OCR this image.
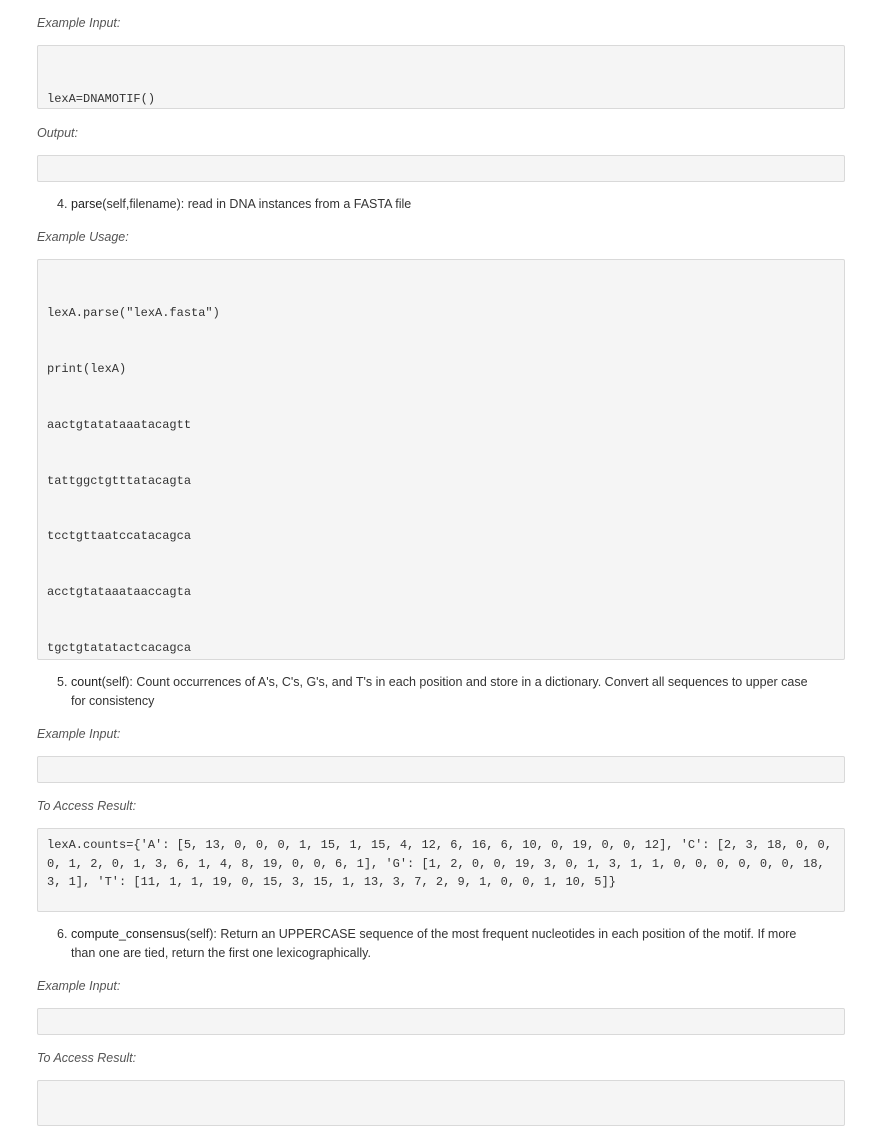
Example Input:

lexA=DNAMOTIF()

Output:

4. parse(self,filename): read in DNA instances from a FASTA file
Example Usage:

lexA.parse("lexA.fasta")

print(lexA)

aactgtatataaatacagtt

tattggctgtttatacagta

tcctgttaatccatacagca

acctgtataaataaccagta

tgctgtatatactcacagca

5. count(self): Count occurrences of A's, C's, G's, and T's in each position and store in a dictionary. Convert all sequences to upper case
for consistency
Example Input:

To Access Result:
lexA.counts={'A': [5, 13, 0, 0, 0, 1, 15, 1, 15, 4, 12, 6, 16, 6, 10, 0, 19, 0, 0, 12], 'C': [2, 3, 18, 0, 0, 0, 1, 2, 0, 1, 3, 6, 1, 4, 8, 19, 0, 0, 6, 1], 'G': [1, 2, 0, 0, 19, 3, 0, 1, 3, 1, 1, 0, 0, 0, 0, 0, 0, 18, 3, 1], 'T': [11, 1, 1, 19, 0, 15, 3, 15, 1, 13, 3, 7, 2, 9, 1, 0, 0, 1, 10, 5]}
6. compute_consensus(self): Return an UPPERCASE sequence of the most frequent nucleotides in each position of the motif. If more
than one are tied, return the first one lexicographically.
Example Input:

To Access Result:
